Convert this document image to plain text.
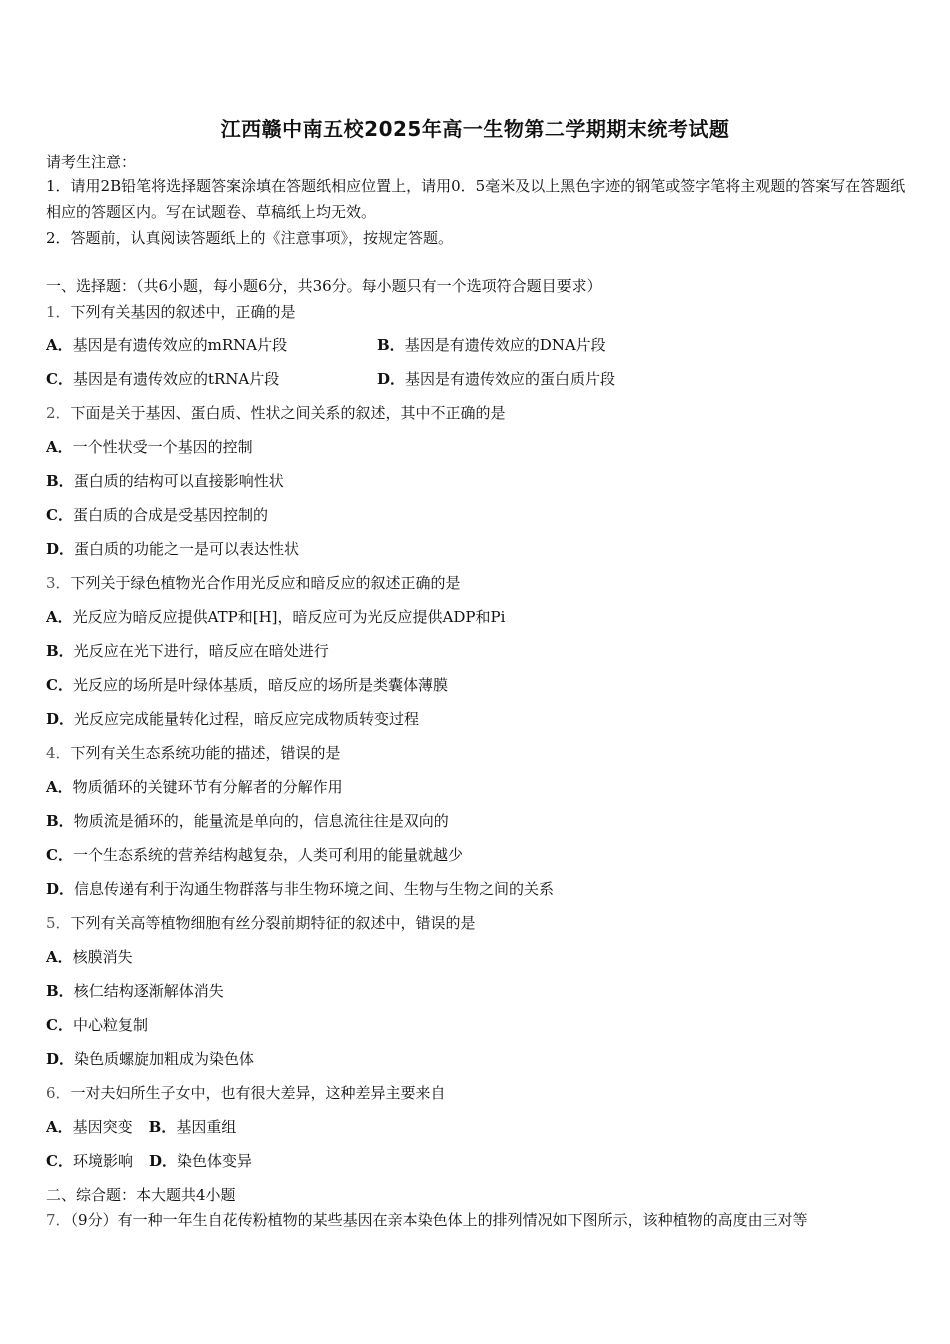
江西赣中南五校2025年高一生物第二学期期末统考试题
请考生注意：
1．请用2B铅笔将选择题答案涂填在答题纸相应位置上，请用0．5毫米及以上黑色字迹的钢笔或签字笔将主观题的答案写在答题纸相应的答题区内。写在试题卷、草稿纸上均无效。
2．答题前，认真阅读答题纸上的《注意事项》，按规定答题。
一、选择题：（共6小题，每小题6分，共36分。每小题只有一个选项符合题目要求）
1．下列有关基因的叙述中，正确的是
A．基因是有遗传效应的mRNA片段	B．基因是有遗传效应的DNA片段
C．基因是有遗传效应的tRNA片段	D．基因是有遗传效应的蛋白质片段
2．下面是关于基因、蛋白质、性状之间关系的叙述，其中不正确的是
A．一个性状受一个基因的控制
B．蛋白质的结构可以直接影响性状
C．蛋白质的合成是受基因控制的
D．蛋白质的功能之一是可以表达性状
3．下列关于绿色植物光合作用光反应和暗反应的叙述正确的是
A．光反应为暗反应提供ATP和[H]，暗反应可为光反应提供ADP和Pi
B．光反应在光下进行，暗反应在暗处进行
C．光反应的场所是叶绿体基质，暗反应的场所是类囊体薄膜
D．光反应完成能量转化过程，暗反应完成物质转变过程
4．下列有关生态系统功能的描述，错误的是
A．物质循环的关键环节有分解者的分解作用
B．物质流是循环的，能量流是单向的，信息流往往是双向的
C．一个生态系统的营养结构越复杂，人类可利用的能量就越少
D．信息传递有利于沟通生物群落与非生物环境之间、生物与生物之间的关系
5．下列有关高等植物细胞有丝分裂前期特征的叙述中，错误的是
A．核膜消失
B．核仁结构逐渐解体消失
C．中心粒复制
D．染色质螺旋加粗成为染色体
6．一对夫妇所生子女中，也有很大差异，这种差异主要来自
A．基因突变 B．基因重组
C．环境影响 D．染色体变异
二、综合题：本大题共4小题
7．（9分）有一种一年生自花传粉植物的某些基因在亲本染色体上的排列情况如下图所示，该种植物的高度由三对等
